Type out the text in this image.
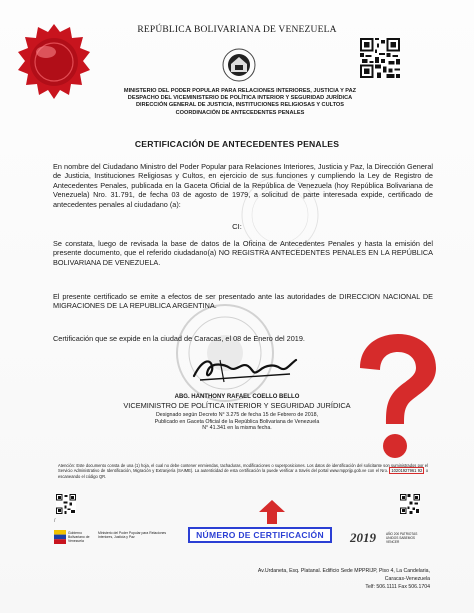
REPÚBLICA BOLIVARIANA DE VENEZUELA
MINISTERIO DEL PODER POPULAR PARA RELACIONES INTERIORES, JUSTICIA Y PAZ
DESPACHO DEL VICEMINISTERIO DE POLÍTICA INTERIOR Y SEGURIDAD JURÍDICA
DIRECCIÓN GENERAL DE JUSTICIA, INSTITUCIONES RELIGIOSAS Y CULTOS
COORDINACIÓN DE ANTECEDENTES PENALES
CERTIFICACIÓN DE ANTECEDENTES PENALES
En nombre del Ciudadano Ministro del Poder Popular para Relaciones Interiores, Justicia y Paz, la Dirección General de Justicia, Instituciones Religiosas y Cultos, en ejercicio de sus funciones y cumpliendo la Ley de Registro de Antecedentes Penales, publicada en la Gaceta Oficial de la República de Venezuela (hoy República Bolivariana de Venezuela) Nro. 31.791, de fecha 03 de agosto de 1979, a solicitud de parte interesada expide, certificado de antecedentes penales al ciudadano (a):
CI:
Se constata, luego de revisada la base de datos de la Oficina de Antecedentes Penales y hasta la emisión del presente documento, que el referido ciudadano(a) NO REGISTRA ANTECEDENTES PENALES EN LA REPÚBLICA BOLIVARIANA DE VENEZUELA.
El presente certificado se emite a efectos de ser presentado ante las autoridades de DIRECCION NACIONAL DE MIGRACIONES DE LA REPUBLICA ARGENTINA.
Certificación que se expide en la ciudad de Caracas, el 08 de Enero del 2019.
ABG. HANTHONY RAFAEL COELLO BELLO
VICEMINISTRO DE POLÍTICA INTERIOR Y SEGURIDAD JURÍDICA
Designado según Decreto N° 3.275 de fecha 15 de Febrero de 2018,
Publicado en Gaceta Oficial de la República Bolivariana de Venezuela
N° 41.341 en la misma fecha.
Atención: Este documento consta de una (1) hoja, el cual no debe contener enmiendas, tachaduras, modificaciones o superposiciones. Los datos de identificación del solicitante son suministrados por el Servicio Administrativo de Identificación, Migración y Extranjería (SAIME). La autenticidad de esta certificación la puede verificar a través del portal www.mpprijp.gob.ve con el Nro. 10201927961 92 o escaneando el código QR.
/
NÚMERO DE CERTIFICACIÓN
Gobierno Bolivariano de Venezuela
Ministerio del Poder Popular para Relaciones Interiores, Justicia y Paz	2019	AÑO 200 PATRIOTAS UNIDOS SABEMOS VENCER
Av.Urdaneta, Esq. Platanal. Edificio Sede MPPRIJP, Piso 4, La Candelaria, Caracas-Venezuela
Telf: 506.1111 Fax 506.1704
